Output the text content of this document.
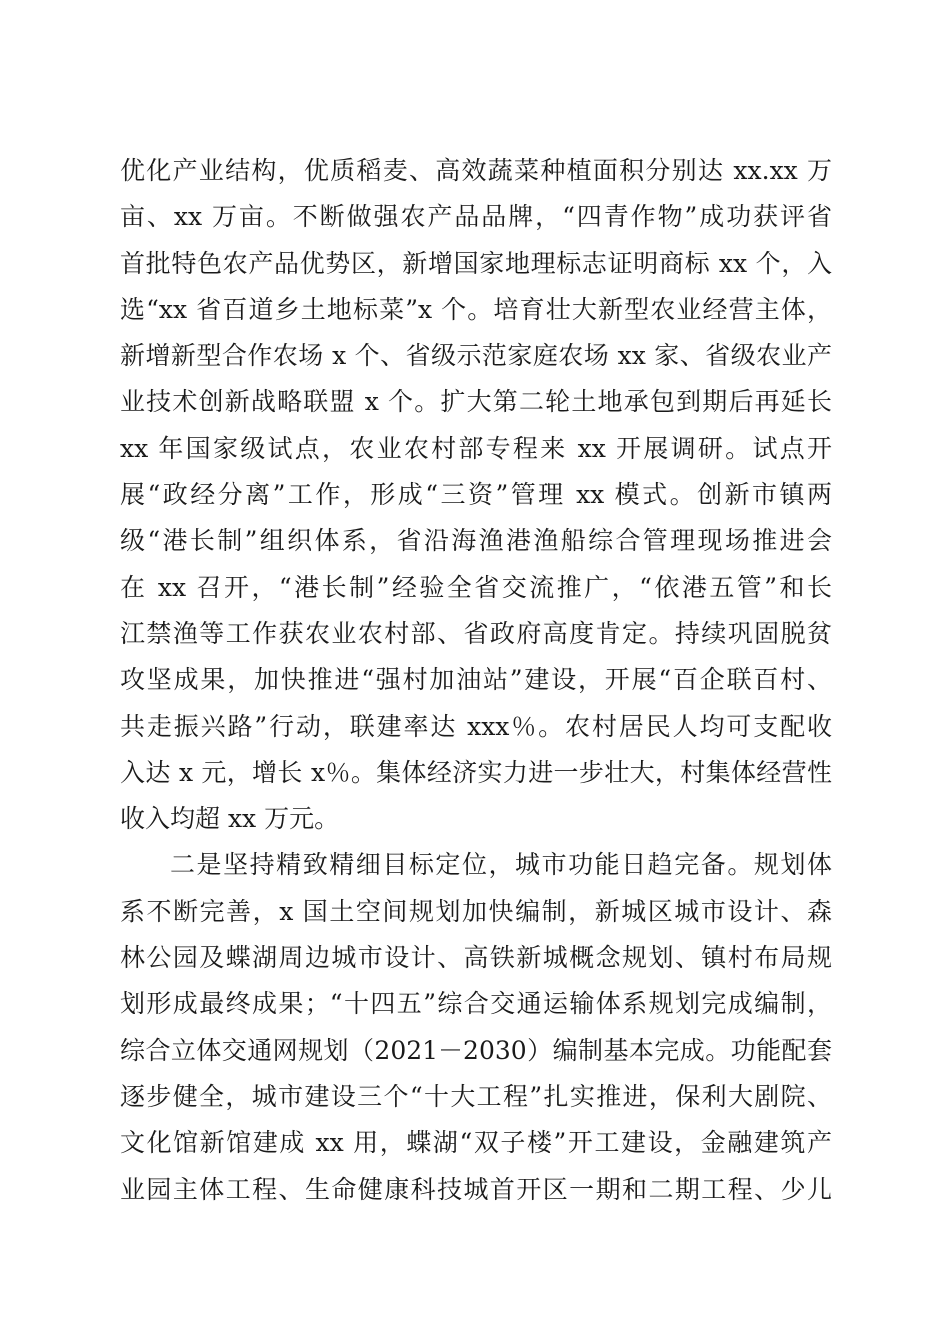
优化产业结构，优质稻麦、高效蔬菜种植面积分别达 xx.xx 万
亩、xx 万亩。不断做强农产品品牌，“四青作物”成功获评省
首批特色农产品优势区，新增国家地理标志证明商标 xx 个，入
选“xx 省百道乡土地标菜”x 个。培育壮大新型农业经营主体，
新增新型合作农场 x 个、省级示范家庭农场 xx 家、省级农业产
业技术创新战略联盟 x 个。扩大第二轮土地承包到期后再延长
xx 年国家级试点，农业农村部专程来 xx 开展调研。试点开
展“政经分离”工作，形成“三资”管理 xx 模式。创新市镇两
级“港长制”组织体系，省沿海渔港渔船综合管理现场推进会
在 xx 召开，“港长制”经验全省交流推广，“依港五管”和长
江禁渔等工作获农业农村部、省政府高度肯定。持续巩固脱贫
攻坚成果，加快推进“强村加油站”建设，开展“百企联百村、
共走振兴路”行动，联建率达 xxx％。农村居民人均可支配收
入达 x 元，增长 x％。集体经济实力进一步壮大，村集体经营性
收入均超 xx 万元。
二是坚持精致精细目标定位，城市功能日趋完备。规划体
系不断完善，x 国土空间规划加快编制，新城区城市设计、森
林公园及蝶湖周边城市设计、高铁新城概念规划、镇村布局规
划形成最终成果；“十四五”综合交通运输体系规划完成编制，
综合立体交通网规划（2021－2030）编制基本完成。功能配套
逐步健全，城市建设三个“十大工程”扎实推进，保利大剧院、
文化馆新馆建成 xx 用，蝶湖“双子楼”开工建设，金融建筑产
业园主体工程、生命健康科技城首开区一期和二期工程、少儿
